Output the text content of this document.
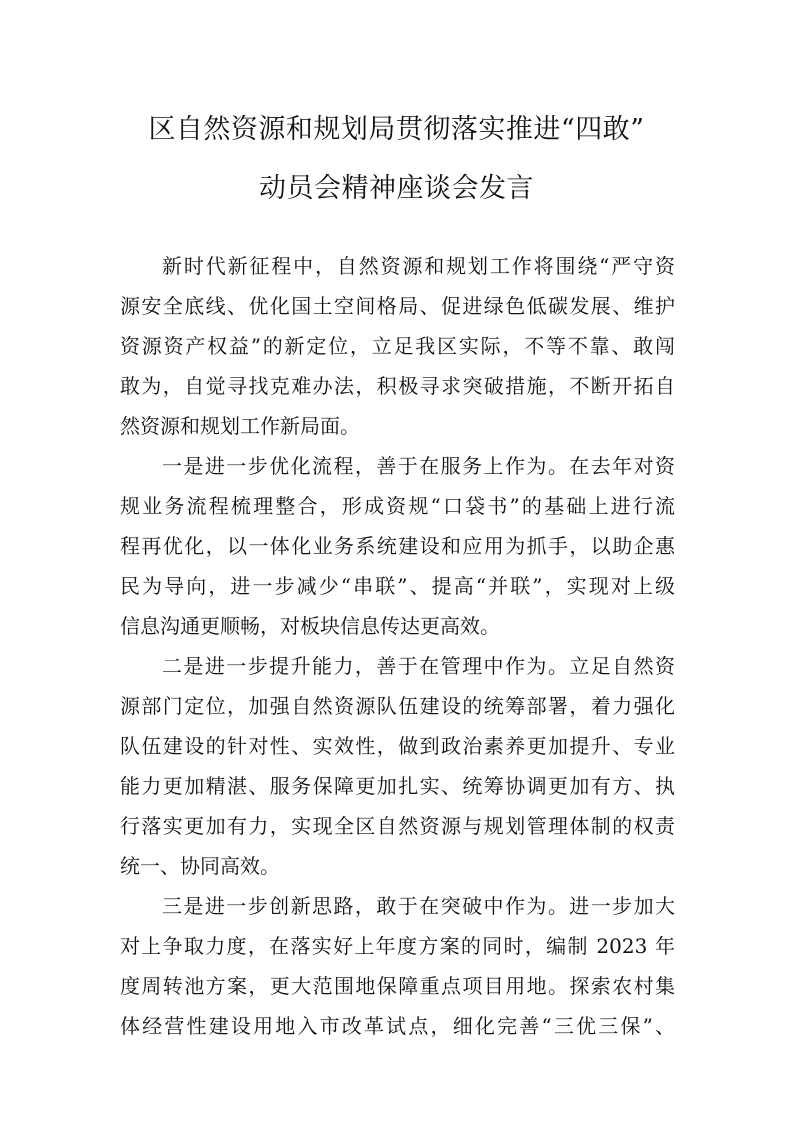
区自然资源和规划局贯彻落实推进“四敢”
动员会精神座谈会发言
新时代新征程中，自然资源和规划工作将围绕“严守资
源安全底线、优化国土空间格局、促进绿色低碳发展、维护
资源资产权益”的新定位，立足我区实际，不等不靠、敢闯
敢为，自觉寻找克难办法，积极寻求突破措施，不断开拓自
然资源和规划工作新局面。
一是进一步优化流程，善于在服务上作为。在去年对资
规业务流程梳理整合，形成资规“口袋书”的基础上进行流
程再优化，以一体化业务系统建设和应用为抓手，以助企惠
民为导向，进一步减少“串联”、提高“并联”，实现对上级
信息沟通更顺畅，对板块信息传达更高效。
二是进一步提升能力，善于在管理中作为。立足自然资
源部门定位，加强自然资源队伍建设的统筹部署，着力强化
队伍建设的针对性、实效性，做到政治素养更加提升、专业
能力更加精湛、服务保障更加扎实、统筹协调更加有方、执
行落实更加有力，实现全区自然资源与规划管理体制的权责
统一、协同高效。
三是进一步创新思路，敢于在突破中作为。进一步加大
对上争取力度，在落实好上年度方案的同时，编制 2023 年
度周转池方案，更大范围地保障重点项目用地。探索农村集
体经营性建设用地入市改革试点，细化完善“三优三保”、
